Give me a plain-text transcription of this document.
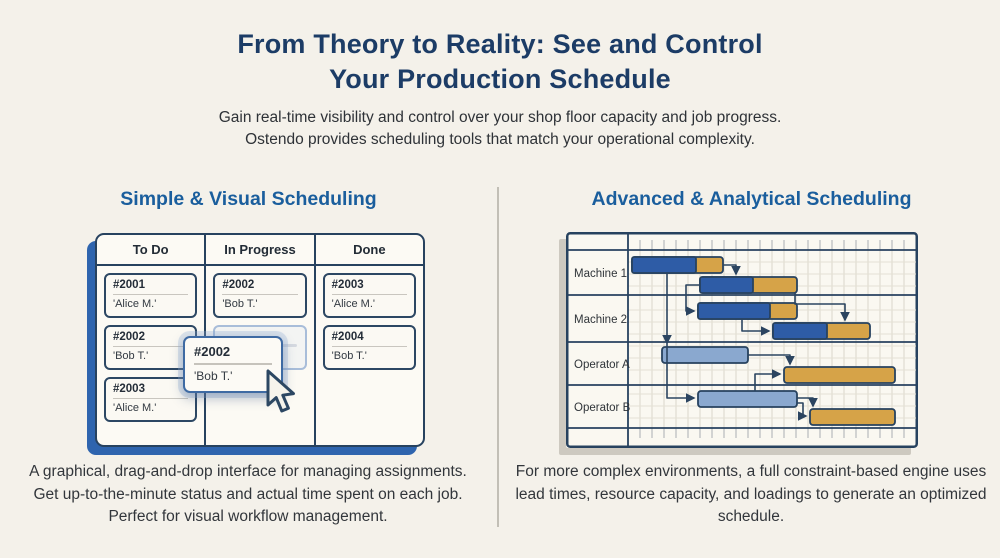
From Theory to Reality: See and Control
Your Production Schedule
Gain real-time visibility and control over your shop floor capacity and job progress.
Ostendo provides scheduling tools that match your operational complexity.
Simple & Visual Scheduling
To Do
#2001
'Alice M.'
#2002
'Bob T.'
#2003
'Alice M.'
In Progress
#2002
'Bob T.'
Done
#2003
'Alice M.'
#2004
'Bob T.'
#2002
'Bob T.'
A graphical, drag-and-drop interface for managing assignments. Get up-to-the-minute status and actual time spent on each job. Perfect for visual workflow management.
Advanced & Analytical Scheduling
Machine 1
Machine 2
Operator A
Operator B
For more complex environments, a full constraint-based engine uses lead times, resource capacity, and loadings to generate an optimized schedule.
